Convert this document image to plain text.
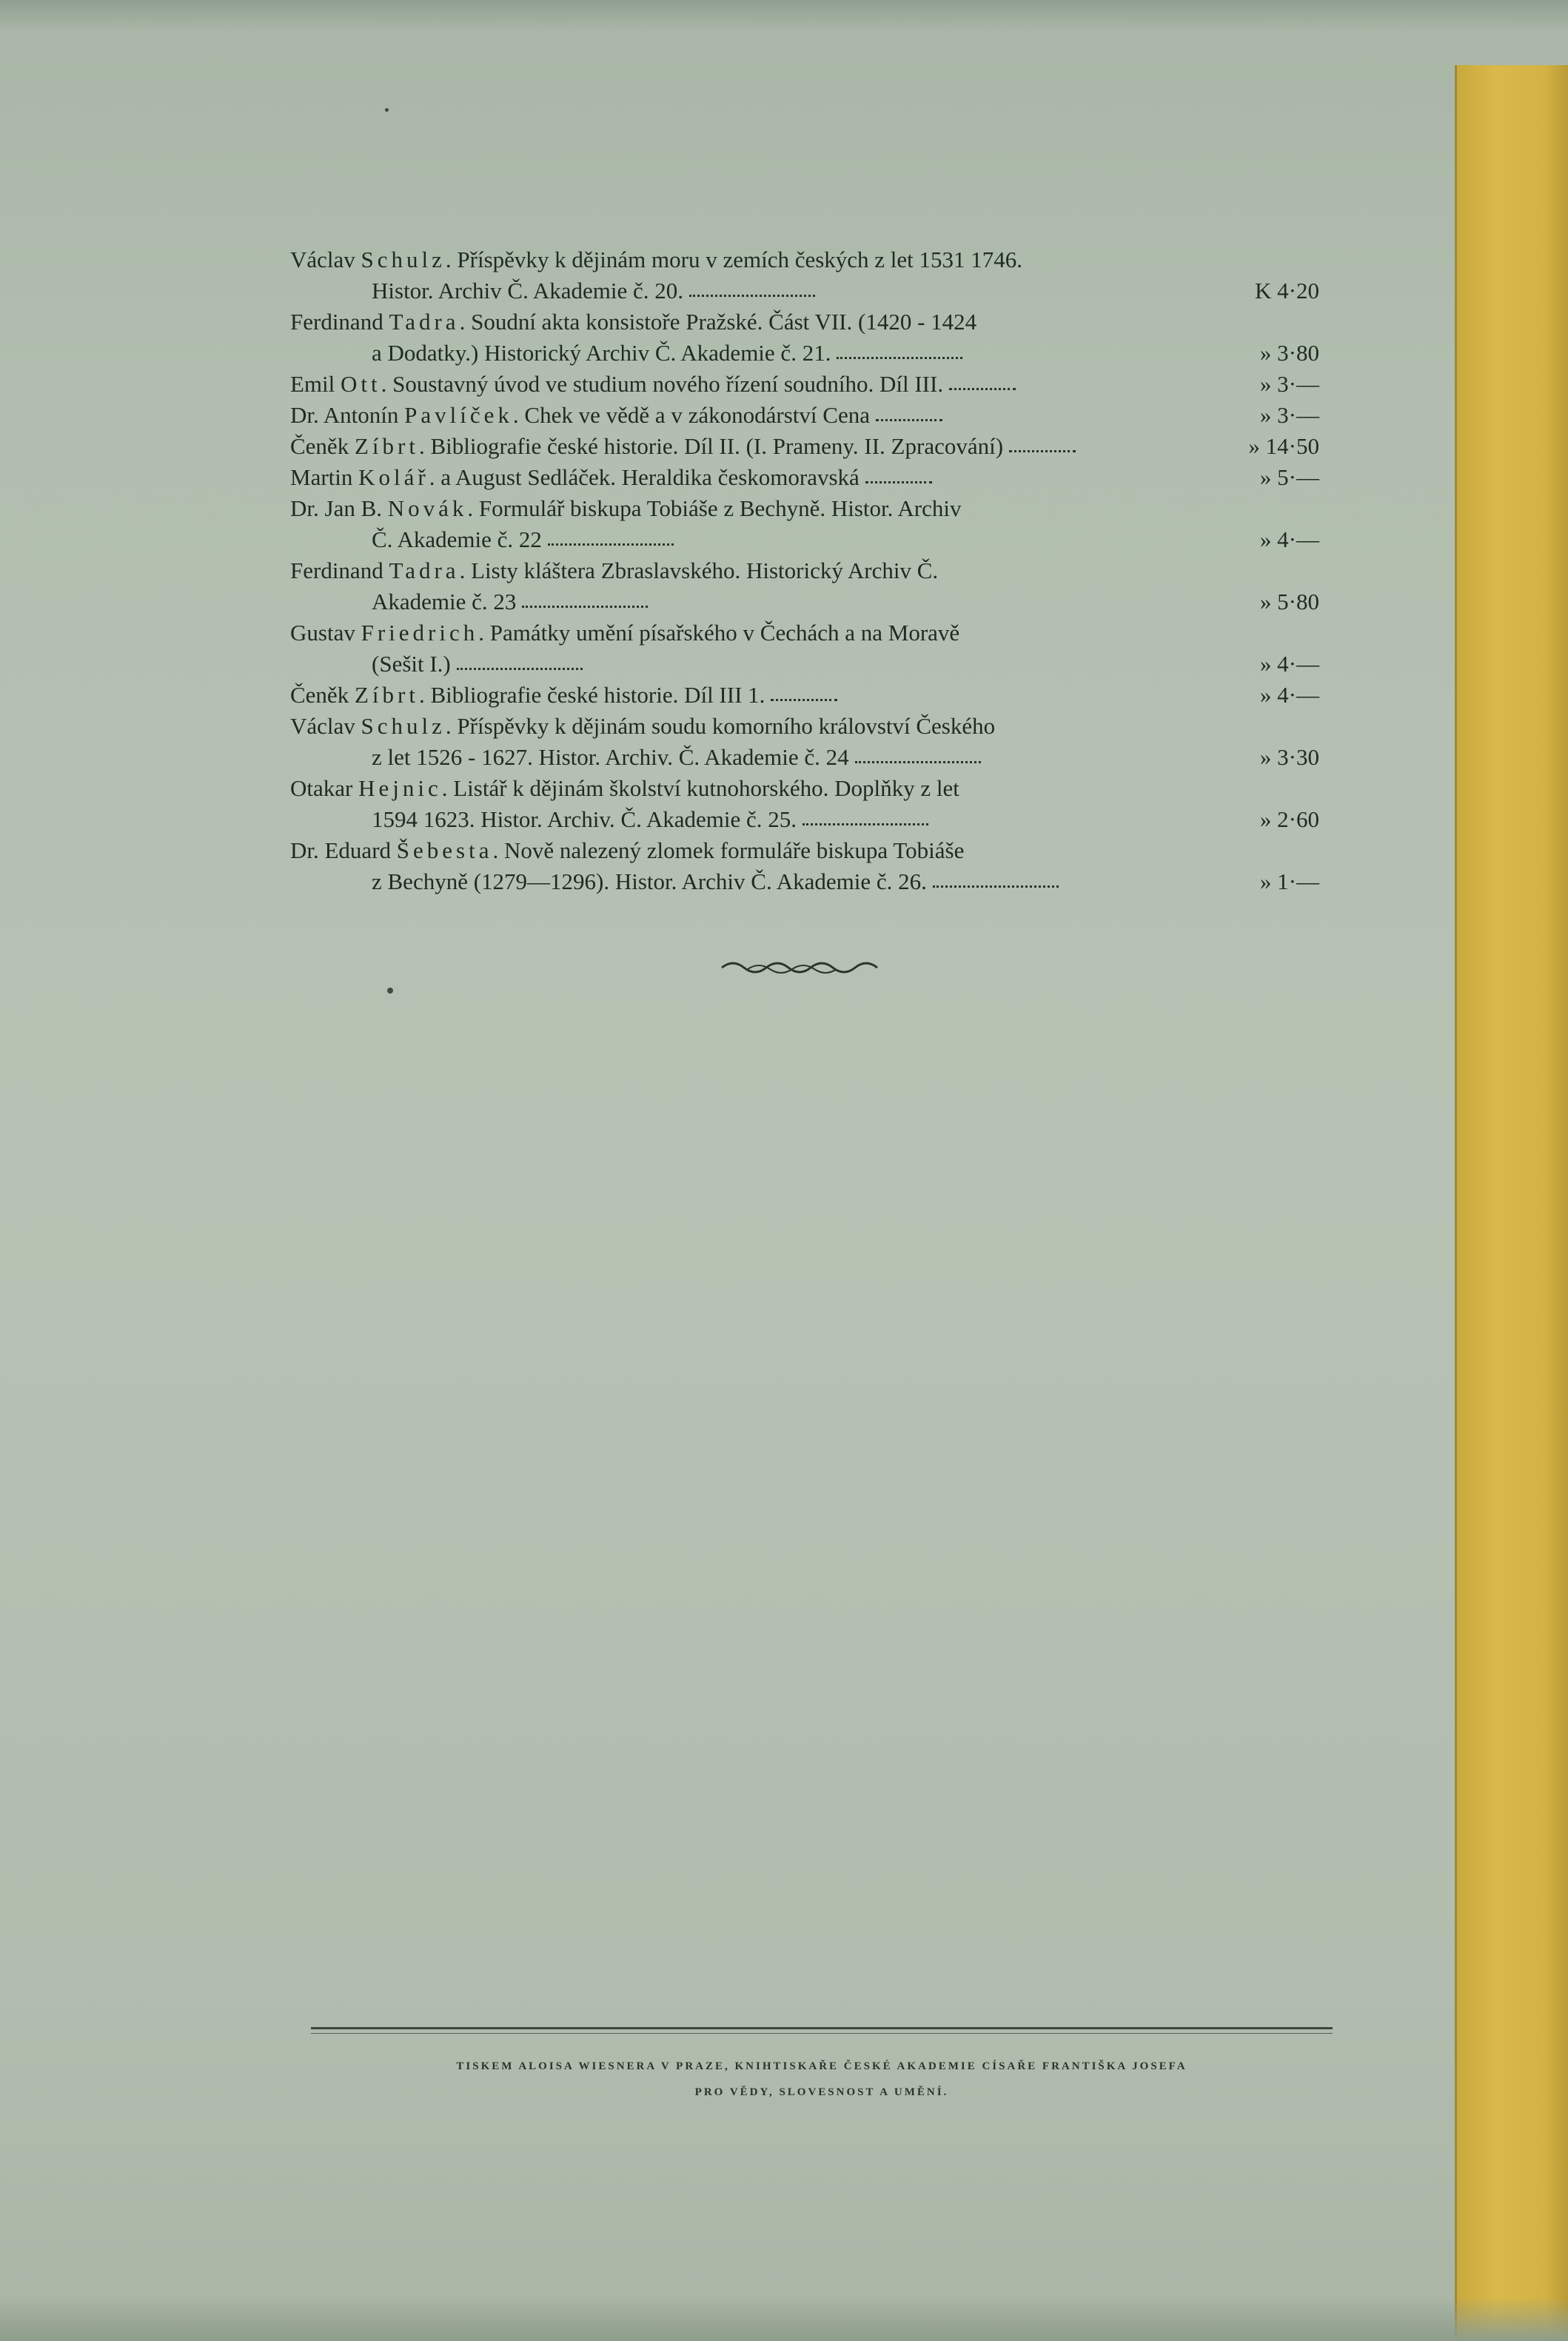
Václav Schulz. Příspěvky k dějinám moru v zemích českých z let 1531 1746.
Histor. Archiv Č. Akademie č. 20.	K 4·20
Ferdinand Tadra. Soudní akta konsistoře Pražské. Část VII. (1420 - 1424
a Dodatky.) Historický Archiv Č. Akademie č. 21.	» 3·80
Emil Ott. Soustavný úvod ve studium nového řízení soudního. Díl III.	» 3·—
Dr. Antonín Pavlíček. Chek ve vědě a v zákonodárství Cena	» 3·—
Čeněk Zíbrt. Bibliografie české historie. Díl II. (I. Prameny. II. Zpracování)	» 14·50
Martin Kolář. a August Sedláček. Heraldika českomoravská	» 5·—
Dr. Jan B. Novák. Formulář biskupa Tobiáše z Bechyně. Histor. Archiv
Č. Akademie č. 22	» 4·—
Ferdinand Tadra. Listy kláštera Zbraslavského. Historický Archiv Č.
Akademie č. 23	» 5·80
Gustav Friedrich. Památky umění písařského v Čechách a na Moravě
(Sešit I.)	» 4·—
Čeněk Zíbrt. Bibliografie české historie. Díl III 1.	» 4·—
Václav Schulz. Příspěvky k dějinám soudu komorního království Českého
z let 1526 - 1627. Histor. Archiv. Č. Akademie č. 24	» 3·30
Otakar Hejnic. Listář k dějinám školství kutnohorského. Doplňky z let
1594 1623. Histor. Archiv. Č. Akademie č. 25.	» 2·60
Dr. Eduard Šebesta. Nově nalezený zlomek formuláře biskupa Tobiáše
z Bechyně (1279—1296). Histor. Archiv Č. Akademie č. 26.	» 1·—
TISKEM ALOISA WIESNERA V PRAZE, KNIHTISKAŘE ČESKÉ AKADEMIE CÍSAŘE FRANTIŠKA JOSEFA
PRO VĚDY, SLOVESNOST A UMĚNÍ.
